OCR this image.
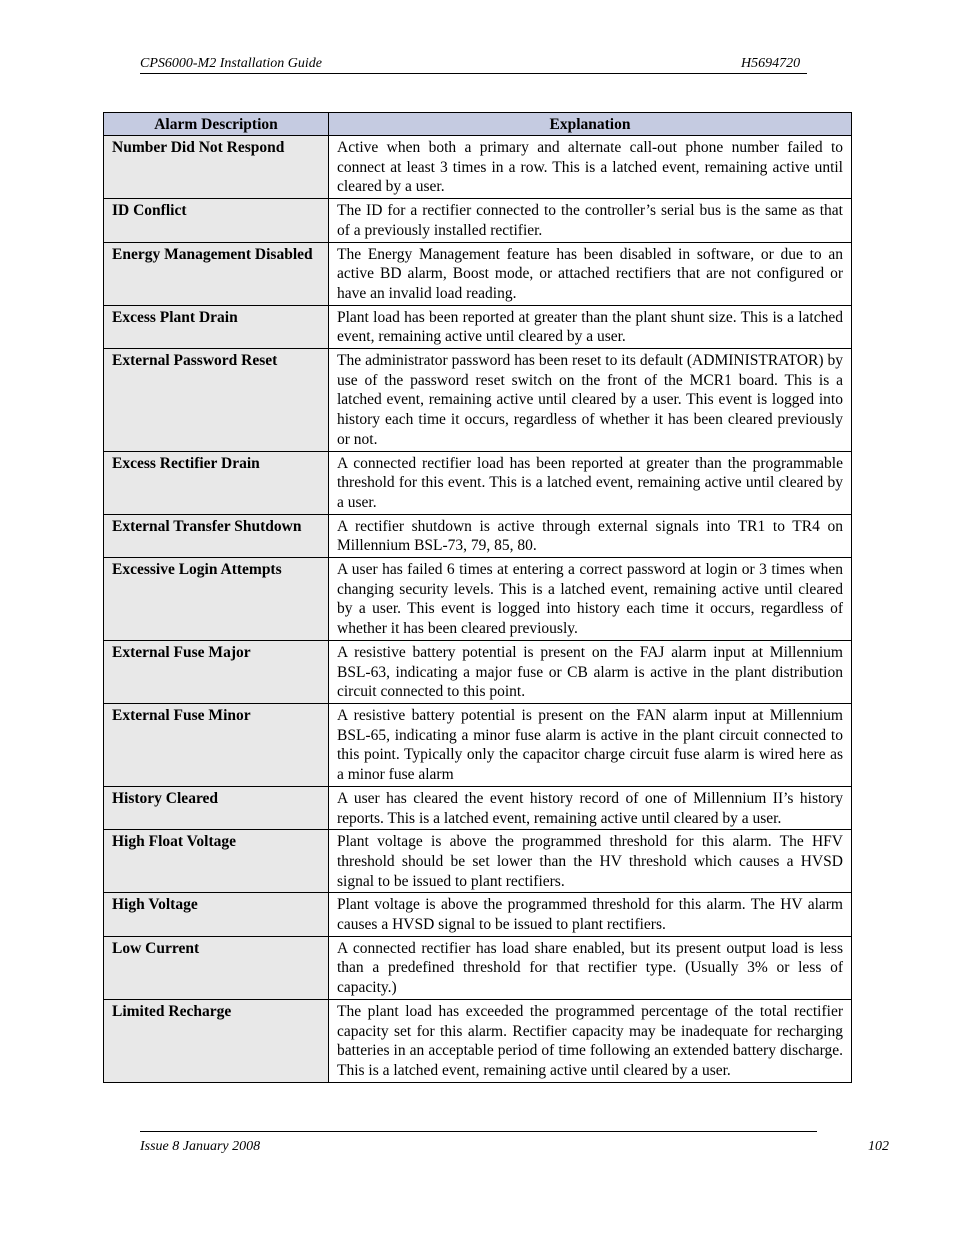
CPS6000-M2 Installation Guide	H5694720
Alarm Description	Explanation
Number Did Not Respond	Active when both a primary and alternate call-out phone number failed to connect at least 3 times in a row. This is a latched event, remaining active until cleared by a user.
ID Conflict	The ID for a rectifier connected to the controller’s serial bus is the same as that of a previously installed rectifier.
Energy Management Disabled	The Energy Management feature has been disabled in software, or due to an active BD alarm, Boost mode, or attached rectifiers that are not configured or have an invalid load reading.
Excess Plant Drain	Plant load has been reported at greater than the plant shunt size. This is a latched event, remaining active until cleared by a user.
External Password Reset	The administrator password has been reset to its default (ADMINISTRATOR) by use of the password reset switch on the front of the MCR1 board. This is a latched event, remaining active until cleared by a user. This event is logged into history each time it occurs, regardless of whether it has been cleared previously or not.
Excess Rectifier Drain	A connected rectifier load has been reported at greater than the programmable threshold for this event. This is a latched event, remaining active until cleared by a user.
External Transfer Shutdown	A rectifier shutdown is active through external signals into TR1 to TR4 on Millennium BSL-73, 79, 85, 80.
Excessive Login Attempts	A user has failed 6 times at entering a correct password at login or 3 times when changing security levels. This is a latched event, remaining active until cleared by a user. This event is logged into history each time it occurs, regardless of whether it has been cleared previously.
External Fuse Major	A resistive battery potential is present on the FAJ alarm input at Millennium BSL-63, indicating a major fuse or CB alarm is active in the plant distribution circuit connected to this point.
External Fuse Minor	A resistive battery potential is present on the FAN alarm input at Millennium BSL-65, indicating a minor fuse alarm is active in the plant circuit connected to this point. Typically only the capacitor charge circuit fuse alarm is wired here as a minor fuse alarm
History Cleared	A user has cleared the event history record of one of Millennium II’s history reports. This is a latched event, remaining active until cleared by a user.
High Float Voltage	Plant voltage is above the programmed threshold for this alarm. The HFV threshold should be set lower than the HV threshold which causes a HVSD signal to be issued to plant rectifiers.
High Voltage	Plant voltage is above the programmed threshold for this alarm. The HV alarm causes a HVSD signal to be issued to plant rectifiers.
Low Current	A connected rectifier has load share enabled, but its present output load is less than a predefined threshold for that rectifier type. (Usually 3% or less of capacity.)
Limited Recharge	The plant load has exceeded the programmed percentage of the total rectifier capacity set for this alarm. Rectifier capacity may be inadequate for recharging batteries in an acceptable period of time following an extended battery discharge. This is a latched event, remaining active until cleared by a user.
Issue 8 January 2008	102
